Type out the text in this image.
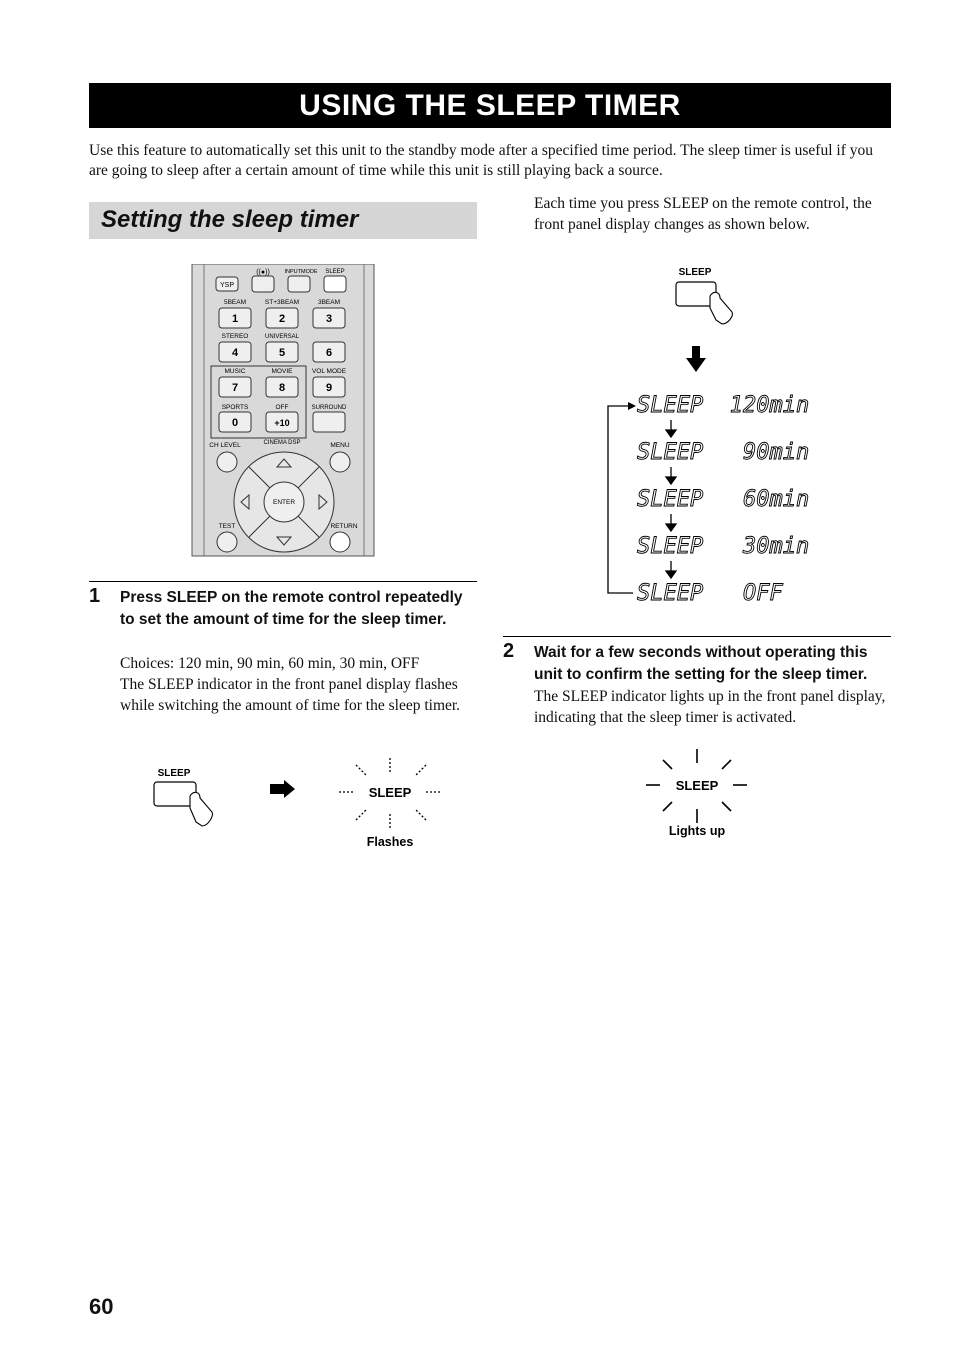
USING THE SLEEP TIMER
Use this feature to automatically set this unit to the standby mode after a specified time period. The sleep timer is useful if you are going to sleep after a certain amount of time while this unit is still playing back a source.
Setting the sleep timer
Each time you press SLEEP on the remote control, the front panel display changes as shown below.
YSP
((●))	INPUTMODE SLEEP
5BEAM	ST+3BEAM	3BEAM
1	2	3
STEREO	UNIVERSAL
4	5	6
MUSIC	MOVIE	VOL MODE
7	8	9
SPORTS	OFF	SURROUND
0	+10
CINEMA DSP
CH LEVEL	MENU
ENTER
TEST	RETURN
1 Press SLEEP on the remote control repeatedly to set the amount of time for the sleep timer.
Choices: 120 min, 90 min, 60 min, 30 min, OFF
The SLEEP indicator in the front panel display flashes while switching the amount of time for the sleep timer.
SLEEP
SLEEP
Flashes
SLEEP
SLEEP  120min
SLEEP   90min
SLEEP   60min
SLEEP   30min
SLEEP   OFF
2 Wait for a few seconds without operating this unit to confirm the setting for the sleep timer.
The SLEEP indicator lights up in the front panel display, indicating that the sleep timer is activated.
SLEEP
Lights up
60
